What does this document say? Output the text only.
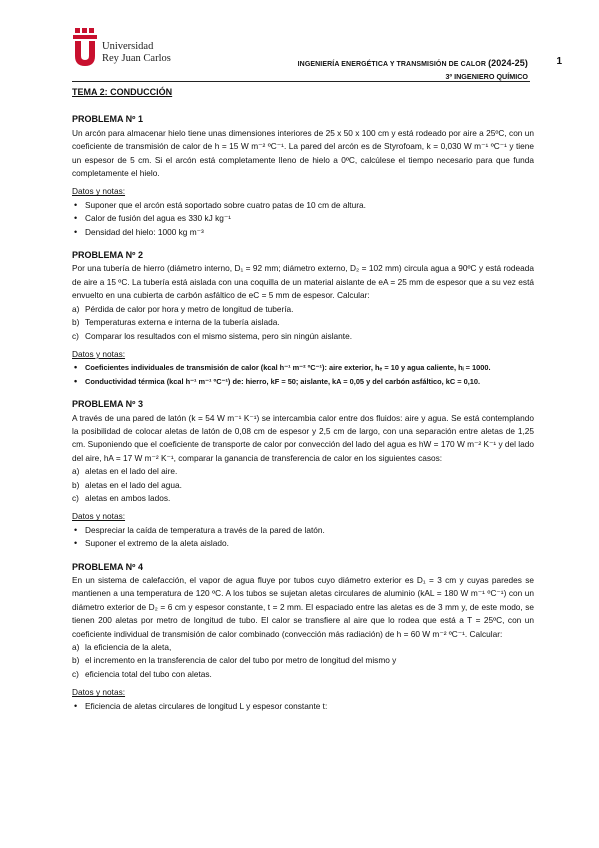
Universidad
Rey Juan Carlos
INGENIERÍA ENERGÉTICA Y TRANSMISIÓN DE CALOR (2024-25)
3º INGENIERO QUÍMICO
1
TEMA 2: CONDUCCIÓN
PROBLEMA Nº 1
Un arcón para almacenar hielo tiene unas dimensiones interiores de 25 x 50 x 100 cm y está rodeado por aire a 25ºC, con un coeficiente de transmisión de calor de h = 15 W m⁻² ºC⁻¹. La pared del arcón es de Styrofoam, k = 0,030 W m⁻¹ ºC⁻¹ y tiene un espesor de 5 cm. Si el arcón está completamente lleno de hielo a 0ºC, calcúlese el tiempo necesario para que funda completamente el hielo.
Datos y notas:
• Suponer que el arcón está soportado sobre cuatro patas de 10 cm de altura.
• Calor de fusión del agua es 330 kJ kg⁻¹
• Densidad del hielo: 1000 kg m⁻³
PROBLEMA Nº 2
Por una tubería de hierro (diámetro interno, D₁ = 92 mm; diámetro externo, D₂ = 102 mm) circula agua a 90ºC y está rodeada de aire a 15 ºC. La tubería está aislada con una coquilla de un material aislante de eA = 25 mm de espesor que a su vez está envuelto en una cubierta de carbón asfáltico de eC = 5 mm de espesor. Calcular:
a) Pérdida de calor por hora y metro de longitud de tubería.
b) Temperaturas externa e interna de la tubería aislada.
c) Comparar los resultados con el mismo sistema, pero sin ningún aislante.
Datos y notas:
• Coeficientes individuales de transmisión de calor (kcal h⁻¹ m⁻² ºC⁻¹): aire exterior, hₑ = 10 y agua caliente, hᵢ = 1000.
• Conductividad térmica (kcal h⁻¹ m⁻¹ ºC⁻¹) de: hierro, kF = 50; aislante, kA = 0,05 y del carbón asfáltico, kC = 0,10.
PROBLEMA Nº 3
A través de una pared de latón (k = 54 W m⁻¹ K⁻¹) se intercambia calor entre dos fluidos: aire y agua. Se está contemplando la posibilidad de colocar aletas de latón de 0,08 cm de espesor y 2,5 cm de largo, con una separación entre aletas de 1,25 cm. Suponiendo que el coeficiente de transporte de calor por convección del lado del agua es hW = 170 W m⁻² K⁻¹ y del lado del aire, hA = 17 W m⁻² K⁻¹, comparar la ganancia de transferencia de calor en los siguientes casos:
a) aletas en el lado del aire.
b) aletas en el lado del agua.
c) aletas en ambos lados.
Datos y notas:
• Despreciar la caída de temperatura a través de la pared de latón.
• Suponer el extremo de la aleta aislado.
PROBLEMA Nº 4
En un sistema de calefacción, el vapor de agua fluye por tubos cuyo diámetro exterior es D₁ = 3 cm y cuyas paredes se mantienen a una temperatura de 120 ºC. A los tubos se sujetan aletas circulares de aluminio (kAL = 180 W m⁻¹ ºC⁻¹) con un diámetro exterior de D₂ = 6 cm y espesor constante, t = 2 mm. El espaciado entre las aletas es de 3 mm y, de este modo, se tienen 200 aletas por metro de longitud de tubo. El calor se transfiere al aire que lo rodea que está a T = 25ºC, con un coeficiente individual de transmisión de calor combinado (convección más radiación) de h = 60 W m⁻² ºC⁻¹. Calcular:
a) la eficiencia de la aleta,
b) el incremento en la transferencia de calor del tubo por metro de longitud del mismo y
c) eficiencia total del tubo con aletas.
Datos y notas:
• Eficiencia de aletas circulares de longitud L y espesor constante t:
